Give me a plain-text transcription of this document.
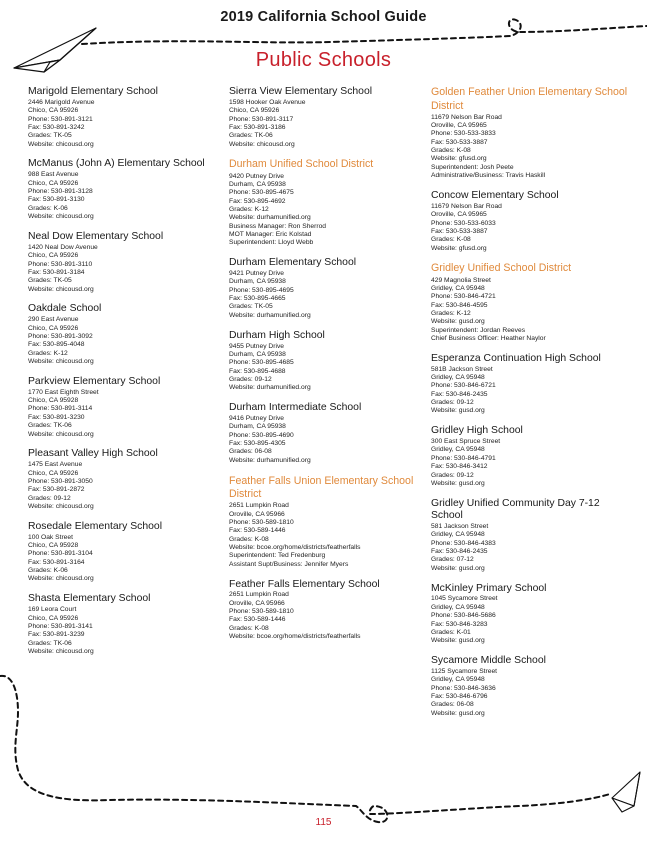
2019 California School Guide
Public Schools
Marigold Elementary School
2446 Marigold Avenue
Chico, CA 95926
Phone: 530-891-3121
Fax: 530-891-3242
Grades: TK-05
Website: chicousd.org
McManus (John A) Elementary School
988 East Avenue
Chico, CA 95926
Phone: 530-891-3128
Fax: 530-891-3130
Grades: K-06
Website: chicousd.org
Neal Dow Elementary School
1420 Neal Dow Avenue
Chico, CA 95926
Phone: 530-891-3110
Fax: 530-891-3184
Grades: TK-05
Website: chicousd.org
Oakdale School
290 East Avenue
Chico, CA 95926
Phone: 530-891-3092
Fax: 530-895-4048
Grades: K-12
Website: chicousd.org
Parkview Elementary School
1770 East Eighth Street
Chico, CA 95928
Phone: 530-891-3114
Fax: 530-891-3230
Grades: TK-06
Website: chicousd.org
Pleasant Valley High School
1475 East Avenue
Chico, CA 95926
Phone: 530-891-3050
Fax: 530-891-2872
Grades: 09-12
Website: chicousd.org
Rosedale Elementary School
100 Oak Street
Chico, CA 95928
Phone: 530-891-3104
Fax: 530-891-3164
Grades: K-06
Website: chicousd.org
Shasta Elementary School
169 Leora Court
Chico, CA 95926
Phone: 530-891-3141
Fax: 530-891-3239
Grades: TK-06
Website: chicousd.org
Sierra View Elementary School
1598 Hooker Oak Avenue
Chico, CA 95926
Phone: 530-891-3117
Fax: 530-891-3186
Grades: TK-06
Website: chicousd.org
Durham Unified School District
9420 Putney Drive
Durham, CA 95938
Phone: 530-895-4675
Fax: 530-895-4692
Grades: K-12
Website: durhamunified.org
Business Manager: Ron Sherrod
MOT Manager: Eric Kolstad
Superintendent: Lloyd Webb
Durham Elementary School
9421 Putney Drive
Durham, CA 95938
Phone: 530-895-4695
Fax: 530-895-4665
Grades: TK-05
Website: durhamunified.org
Durham High School
9455 Putney Drive
Durham, CA 95938
Phone: 530-895-4685
Fax: 530-895-4688
Grades: 09-12
Website: durhamunified.org
Durham Intermediate School
9416 Putney Drive
Durham, CA 95938
Phone: 530-895-4690
Fax: 530-895-4305
Grades: 06-08
Website: durhamunified.org
Feather Falls Union Elementary School District
2651 Lumpkin Road
Oroville, CA 95966
Phone: 530-589-1810
Fax: 530-589-1446
Grades: K-08
Website: bcoe.org/home/districts/featherfalls
Superintendent: Ted Fredenburg
Assistant Supt/Business: Jennifer Myers
Feather Falls Elementary School
2651 Lumpkin Road
Oroville, CA 95966
Phone: 530-589-1810
Fax: 530-589-1446
Grades: K-08
Website: bcoe.org/home/districts/featherfalls
Golden Feather Union Elementary School District
11679 Nelson Bar Road
Oroville, CA 95965
Phone: 530-533-3833
Fax: 530-533-3887
Grades: K-08
Website: gfusd.org
Superintendent: Josh Peete
Administrative/Business: Travis Haskill
Concow Elementary School
11679 Nelson Bar Road
Oroville, CA 95965
Phone: 530-533-6033
Fax: 530-533-3887
Grades: K-08
Website: gfusd.org
Gridley Unified School District
429 Magnolia Street
Gridley, CA 95948
Phone: 530-846-4721
Fax: 530-846-4595
Grades: K-12
Website: gusd.org
Superintendent: Jordan Reeves
Chief Business Officer: Heather Naylor
Esperanza Continuation High School
581B Jackson Street
Gridley, CA 95948
Phone: 530-846-6721
Fax: 530-846-2435
Grades: 09-12
Website: gusd.org
Gridley High School
300 East Spruce Street
Gridley, CA 95948
Phone: 530-846-4791
Fax: 530-846-3412
Grades: 09-12
Website: gusd.org
Gridley Unified Community Day 7-12 School
581 Jackson Street
Gridley, CA 95948
Phone: 530-846-4383
Fax: 530-846-2435
Grades: 07-12
Website: gusd.org
McKinley Primary School
1045 Sycamore Street
Gridley, CA 95948
Phone: 530-846-5686
Fax: 530-846-3283
Grades: K-01
Website: gusd.org
Sycamore Middle School
1125 Sycamore Street
Gridley, CA 95948
Phone: 530-846-3636
Fax: 530-846-6796
Grades: 06-08
Website: gusd.org
115
